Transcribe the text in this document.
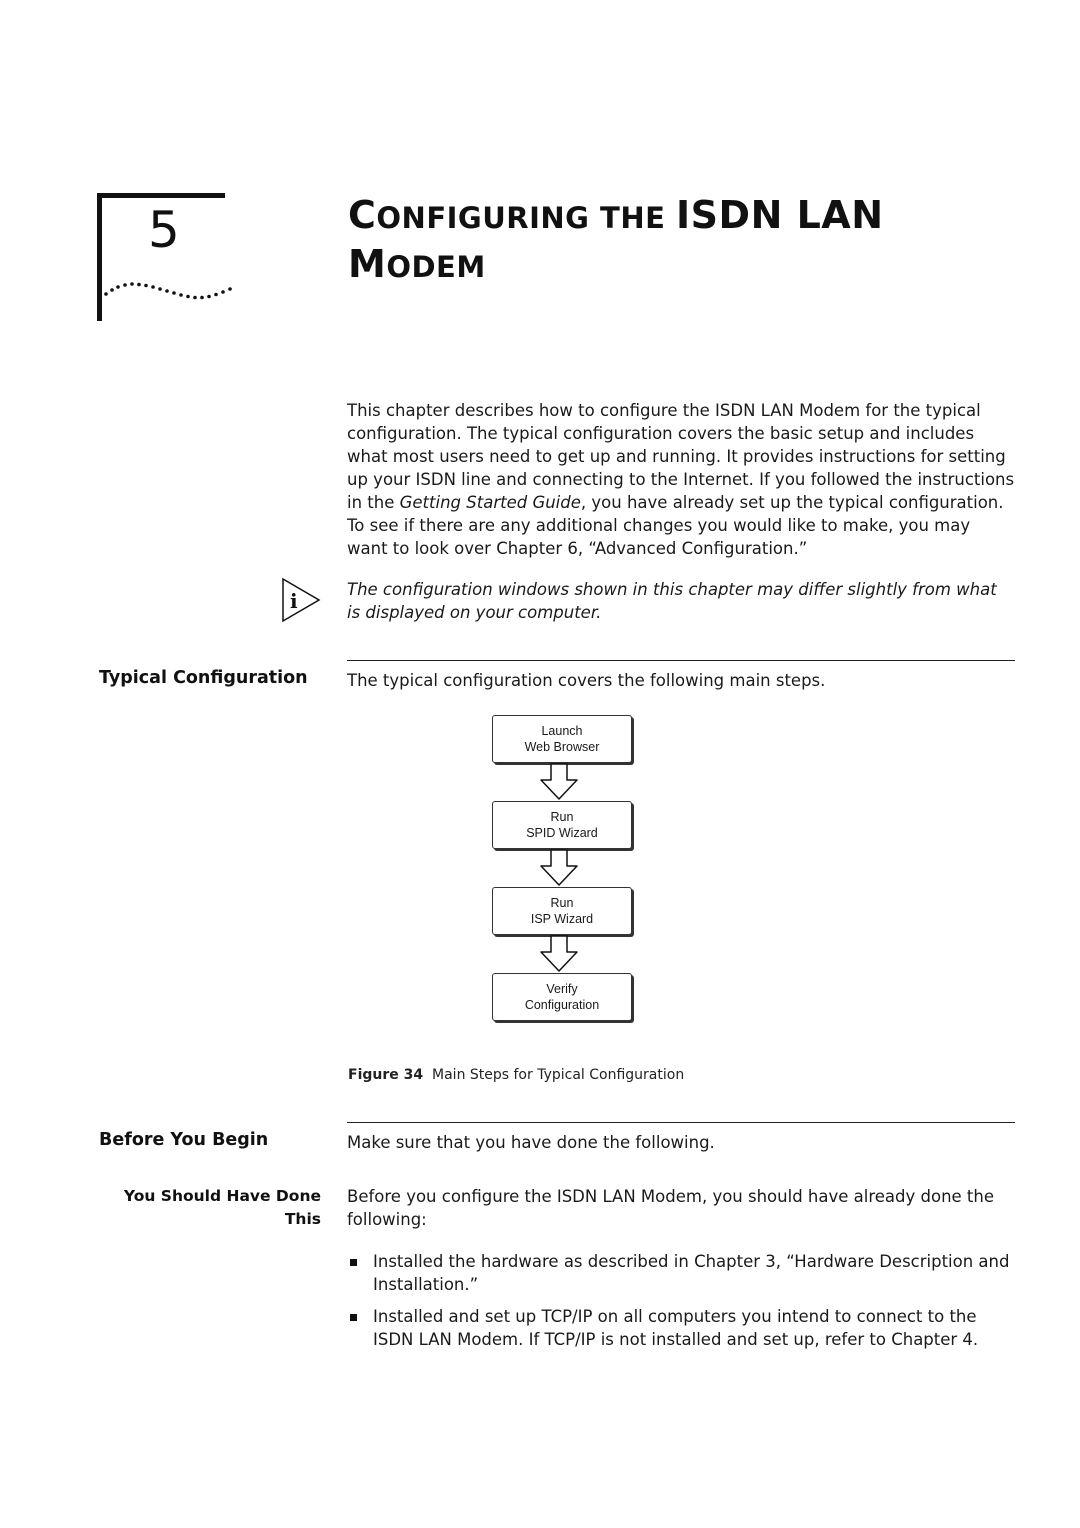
5	CONFIGURING THE ISDN LAN
MODEM
This chapter describes how to configure the ISDN LAN Modem for the typical configuration. The typical configuration covers the basic setup and includes what most users need to get up and running. It provides instructions for setting up your ISDN line and connecting to the Internet. If you followed the instructions in the Getting Started Guide, you have already set up the typical configuration. To see if there are any additional changes you would like to make, you may want to look over Chapter 6, “Advanced Configuration.”
i	The configuration windows shown in this chapter may differ slightly from what is displayed on your computer.
Typical Configuration The typical configuration covers the following main steps.
Launch
Web Browser
Run
SPID Wizard
Run
ISP Wizard
Verify
Configuration
Figure 34 Main Steps for Typical Configuration
Before You Begin	Make sure that you have done the following.
You Should Have Done
This
Before you configure the ISDN LAN Modem, you should have already done the following:
Installed the hardware as described in Chapter 3, “Hardware Description and Installation.”
Installed and set up TCP/IP on all computers you intend to connect to the ISDN LAN Modem. If TCP/IP is not installed and set up, refer to Chapter 4.
